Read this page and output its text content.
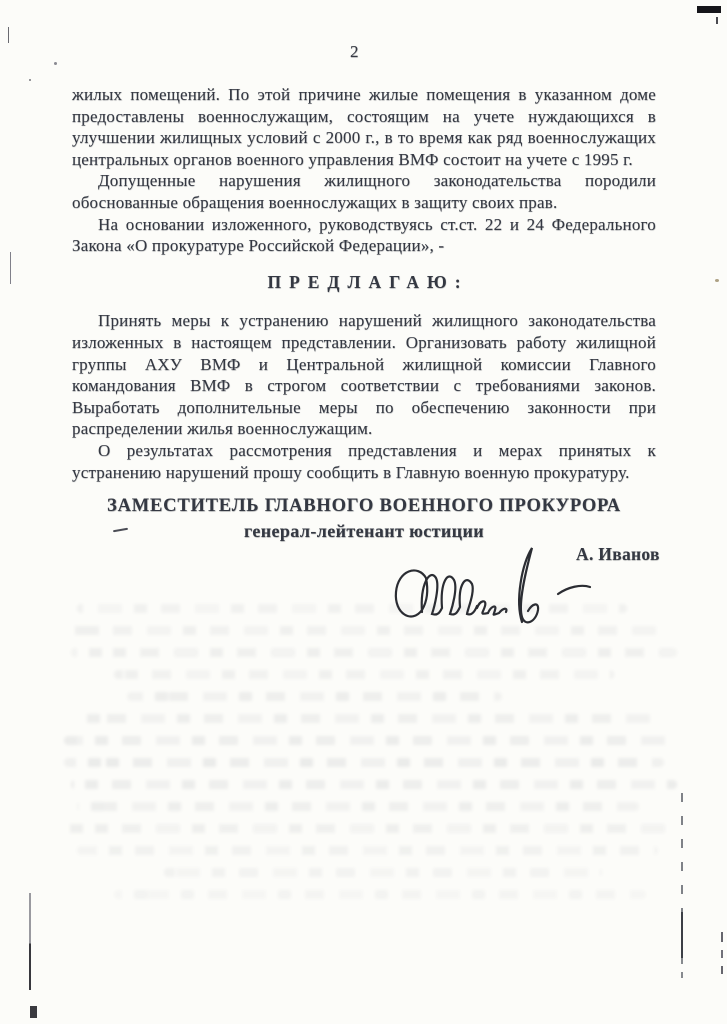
2

жилых помещений. По этой причине жилые помещения в указанном доме предоставлены военнослужащим, состоящим на учете нуждающихся в улучшении жилищных условий с 2000 г., в то время как ряд военнослужащих центральных органов военного управления ВМФ состоит на учете с 1995 г.

Допущенные нарушения жилищного законодательства породили обоснованные обращения военнослужащих в защиту своих прав.

На основании изложенного, руководствуясь ст.ст. 22 и 24 Федерального Закона «О прокуратуре Российской Федерации», -

ПРЕДЛАГАЮ:

Принять меры к устранению нарушений жилищного законодательства изложенных в настоящем представлении. Организовать работу жилищной группы АХУ ВМФ и Центральной жилищной комиссии Главного командования ВМФ в строгом соответствии с требованиями законов. Выработать дополнительные меры по обеспечению законности при распределении жилья военнослужащим.

О результатах рассмотрения представления и мерах принятых к устранению нарушений прошу сообщить в Главную военную прокуратуру.

ЗАМЕСТИТЕЛЬ ГЛАВНОГО ВОЕННОГО ПРОКУРОРА
генерал-лейтенант юстиции
А. Иванов
